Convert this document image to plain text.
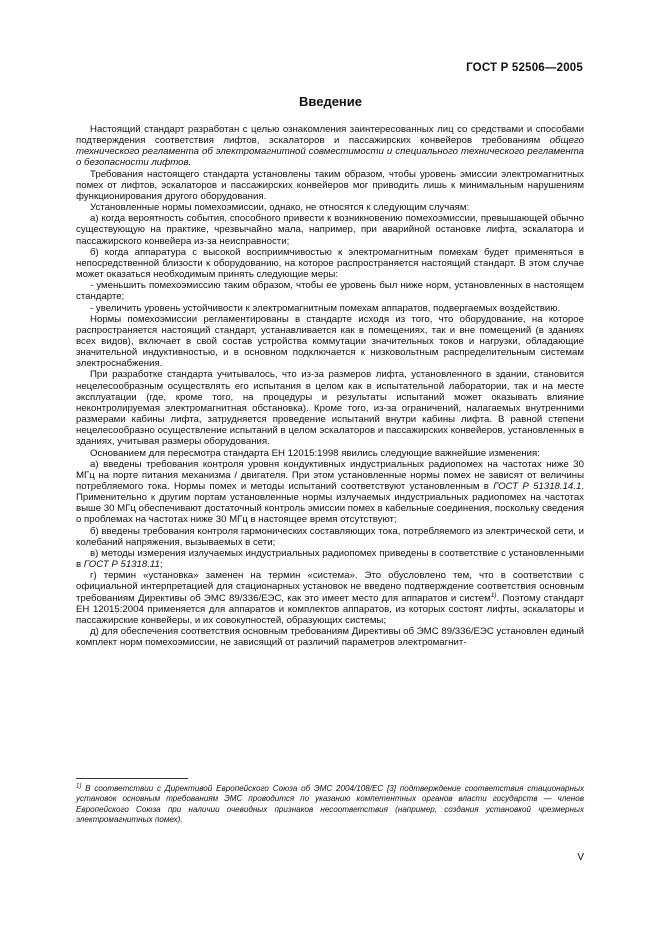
ГОСТ Р 52506—2005
Введение

Настоящий стандарт разработан с целью ознакомления заинтересованных лиц со средствами и способами подтверждения соответствия лифтов, эскалаторов и пассажирских конвейеров требованиям общего технического регламента об электромагнитной совместимости и специального технического регламента о безопасности лифтов.

Требования настоящего стандарта установлены таким образом, чтобы уровень эмиссии электромагнитных помех от лифтов, эскалаторов и пассажирских конвейеров мог приводить лишь к минимальным нарушениям функционирования другого оборудования.

Установленные нормы помехоэмиссии, однако, не относятся к следующим случаям:

а) когда вероятность события, способного привести к возникновению помехоэмиссии, превышающей обычно существующую на практике, чрезвычайно мала, например, при аварийной остановке лифта, эскалатора и пассажирского конвейера из-за неисправности;

б) когда аппаратура с высокой восприимчивостью к электромагнитным помехам будет применяться в непосредственной близости к оборудованию, на которое распространяется настоящий стандарт. В этом случае может оказаться необходимым принять следующие меры:

- уменьшить помехоэмиссию таким образом, чтобы ее уровень был ниже норм, установленных в настоящем стандарте;

- увеличить уровень устойчивости к электромагнитным помехам аппаратов, подвергаемых воздействию.

Нормы помехоэмиссии регламентированы в стандарте исходя из того, что оборудование, на которое распространяется настоящий стандарт, устанавливается как в помещениях, так и вне помещений (в зданиях всех видов), включает в свой состав устройства коммутации значительных токов и нагрузки, обладающие значительной индуктивностью, и в основном подключается к низковольтным распределительным системам электроснабжения.

При разработке стандарта учитывалось, что из-за размеров лифта, установленного в здании, становится нецелесообразным осуществлять его испытания в целом как в испытательной лаборатории, так и на месте эксплуатации (где, кроме того, на процедуры и результаты испытаний может оказывать влияние неконтролируемая электромагнитная обстановка). Кроме того, из-за ограничений, налагаемых внутренними размерами кабины лифта, затрудняется проведение испытаний внутри кабины лифта. В равной степени нецелесообразно осуществление испытаний в целом эскалаторов и пассажирских конвейеров, установленных в зданиях, учитывая размеры оборудования.

Основанием для пересмотра стандарта ЕН 12015:1998 явились следующие важнейшие изменения:

а) введены требования контроля уровня кондуктивных индустриальных радиопомех на частотах ниже 30 МГц на порте питания механизма / двигателя. При этом установленные нормы помех не зависят от величины потребляемого тока. Нормы помех и методы испытаний соответствуют установленным в ГОСТ Р 51318.14.1. Применительно к другим портам установленные нормы излучаемых индустриальных радиопомех на частотах выше 30 МГц обеспечивают достаточный контроль эмиссии помех в кабельные соединения, поскольку сведения о проблемах на частотах ниже 30 МГц в настоящее время отсутствуют;

б) введены требования контроля гармонических составляющих тока, потребляемого из электрической сети, и колебаний напряжения, вызываемых в сети;

в) методы измерения излучаемых индустриальных радиопомех приведены в соответствие с установленными в ГОСТ Р 51318.11;

г) термин «установка» заменен на термин «система». Это обусловлено тем, что в соответствии с официальной интерпретацией для стационарных установок не введено подтверждение соответствия основным требованиям Директивы об ЭМС 89/336/ЕЭС, как это имеет место для аппаратов и систем$^{1)}$. Поэтому стандарт ЕН 12015:2004 применяется для аппаратов и комплектов аппаратов, из которых состоят лифты, эскалаторы и пассажирские конвейеры, и их совокупностей, образующих системы;

д) для обеспечения соответствия основным требованиям Директивы об ЭМС 89/336/ЕЭС установлен единый комплект норм помехоэмиссии, не зависящий от различий параметров электромагнит-

$^{1)}$ В соответствии с Директивой Европейского Союза об ЭМС 2004/108/ЕС [3] подтверждение соответствия стационарных установок основным требованиям ЭМС проводится по указанию компетентных органов власти государств — членов Европейского Союза при наличии очевидных признаков несоответствия (например, создания установкой чрезмерных электромагнитных помех).
V
